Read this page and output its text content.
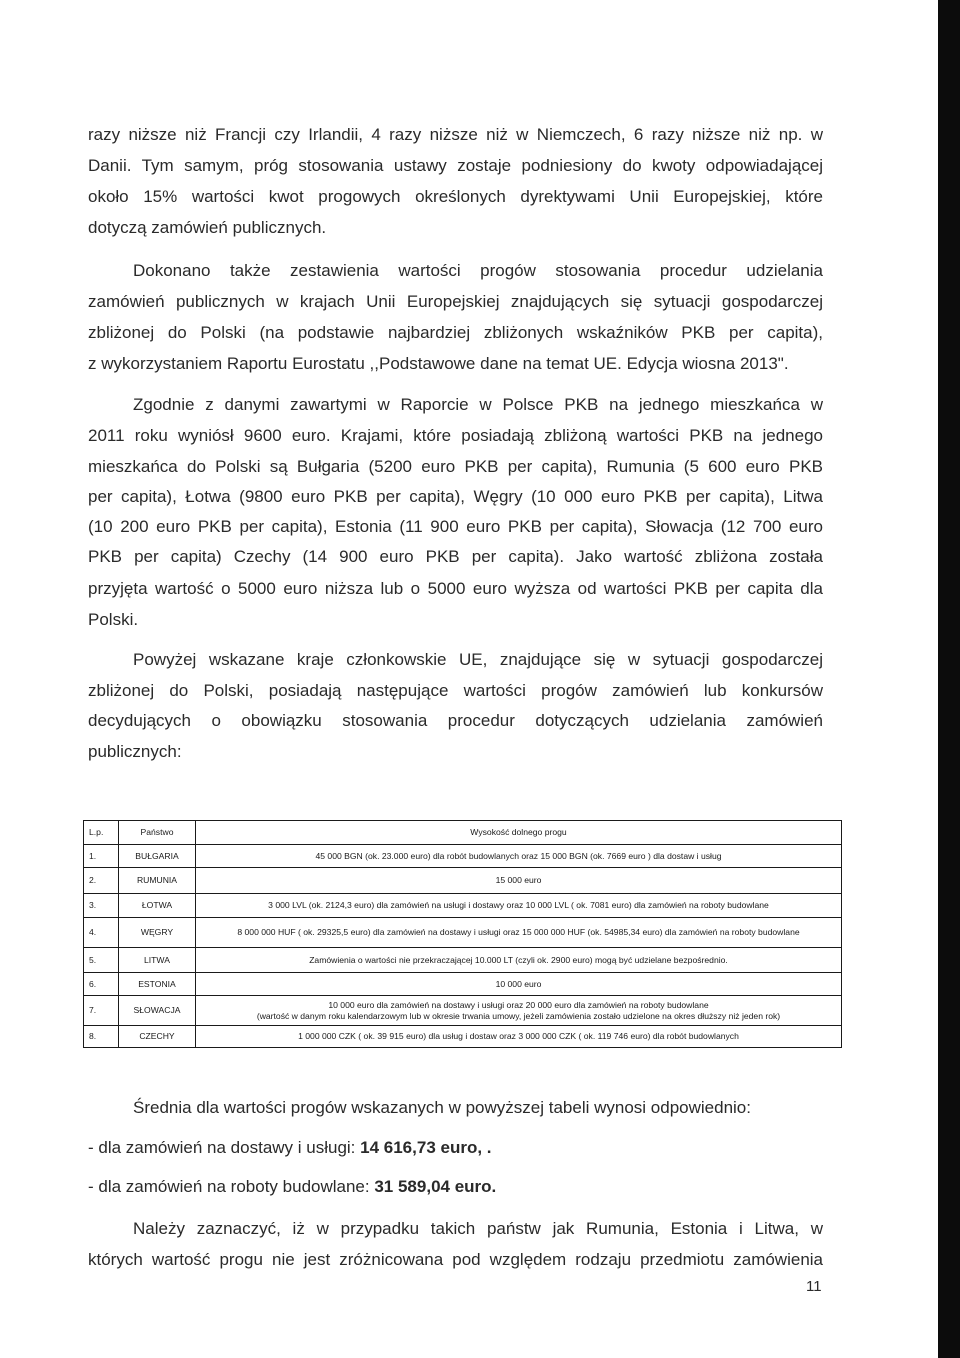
razy niższe niż Francji czy Irlandii, 4 razy niższe niż w Niemczech, 6 razy niższe niż np. w
Danii. Tym samym, próg stosowania ustawy zostaje podniesiony do kwoty odpowiadającej
około 15% wartości kwot progowych określonych dyrektywami Unii Europejskiej, które
dotyczą zamówień publicznych.
Dokonano także zestawienia wartości progów stosowania procedur udzielania
zamówień publicznych w krajach Unii Europejskiej znajdujących się sytuacji gospodarczej
zbliżonej do Polski (na podstawie najbardziej zbliżonych wskaźników PKB per capita),
z wykorzystaniem Raportu Eurostatu ,,Podstawowe dane na temat UE. Edycja wiosna 2013".
Zgodnie z danymi zawartymi w Raporcie w Polsce PKB na jednego mieszkańca w
2011 roku wyniósł 9600 euro. Krajami, które posiadają zbliżoną wartości PKB na jednego
mieszkańca do Polski są Bułgaria (5200 euro PKB per capita), Rumunia (5 600 euro PKB
per capita), Łotwa (9800 euro PKB per capita), Węgry (10 000 euro PKB per capita), Litwa
(10 200 euro PKB per capita), Estonia (11 900 euro PKB per capita), Słowacja (12 700 euro
PKB per capita) Czechy (14 900 euro PKB per capita). Jako wartość zbliżona została
przyjęta wartość o 5000 euro niższa lub o 5000 euro wyższa od wartości PKB per capita dla
Polski.
Powyżej wskazane kraje członkowskie UE, znajdujące się w sytuacji gospodarczej
zbliżonej do Polski, posiadają następujące wartości progów zamówień lub konkursów
decydujących o obowiązku stosowania procedur dotyczących udzielania zamówień
publicznych:
Średnia dla wartości progów wskazanych w powyższej tabeli wynosi odpowiednio:
- dla zamówień na dostawy i usługi: 14 616,73 euro, .
- dla zamówień na roboty budowlane: 31 589,04 euro.
Należy zaznaczyć, iż w przypadku takich państw jak Rumunia, Estonia i Litwa, w
których wartość progu nie jest zróżnicowana pod względem rodzaju przedmiotu zamówienia
L.p.	Państwo	Wysokość dolnego progu
1.	BUŁGARIA	45 000 BGN (ok. 23.000 euro) dla robót budowlanych oraz 15 000 BGN (ok. 7669 euro ) dla dostaw i usług
2.	RUMUNIA	15 000 euro
3.	ŁOTWA	3 000 LVL (ok. 2124,3 euro) dla zamówień na usługi i dostawy oraz 10 000 LVL ( ok. 7081 euro) dla zamówień na roboty budowlane
4.	WĘGRY	8 000 000 HUF ( ok. 29325,5 euro) dla zamówień na dostawy i usługi oraz 15 000 000 HUF (ok. 54985,34 euro) dla zamówień na roboty budowlane
5.	LITWA	Zamówienia o wartości nie przekraczającej 10.000 LT (czyli ok. 2900 euro) mogą być udzielane bezpośrednio.
6.	ESTONIA	10 000 euro
7.	SŁOWACJA	10 000 euro dla zamówień na dostawy i usługi oraz 20 000 euro dla zamówień na roboty budowlane
(wartość w danym roku kalendarzowym lub w okresie trwania umowy, jeżeli zamówienia zostało udzielone na okres dłuższy niż jeden rok)

8.	CZECHY	1 000 000 CZK ( ok. 39 915 euro) dla usług i dostaw oraz 3 000 000 CZK ( ok. 119 746 euro) dla robót budowlanych
11
